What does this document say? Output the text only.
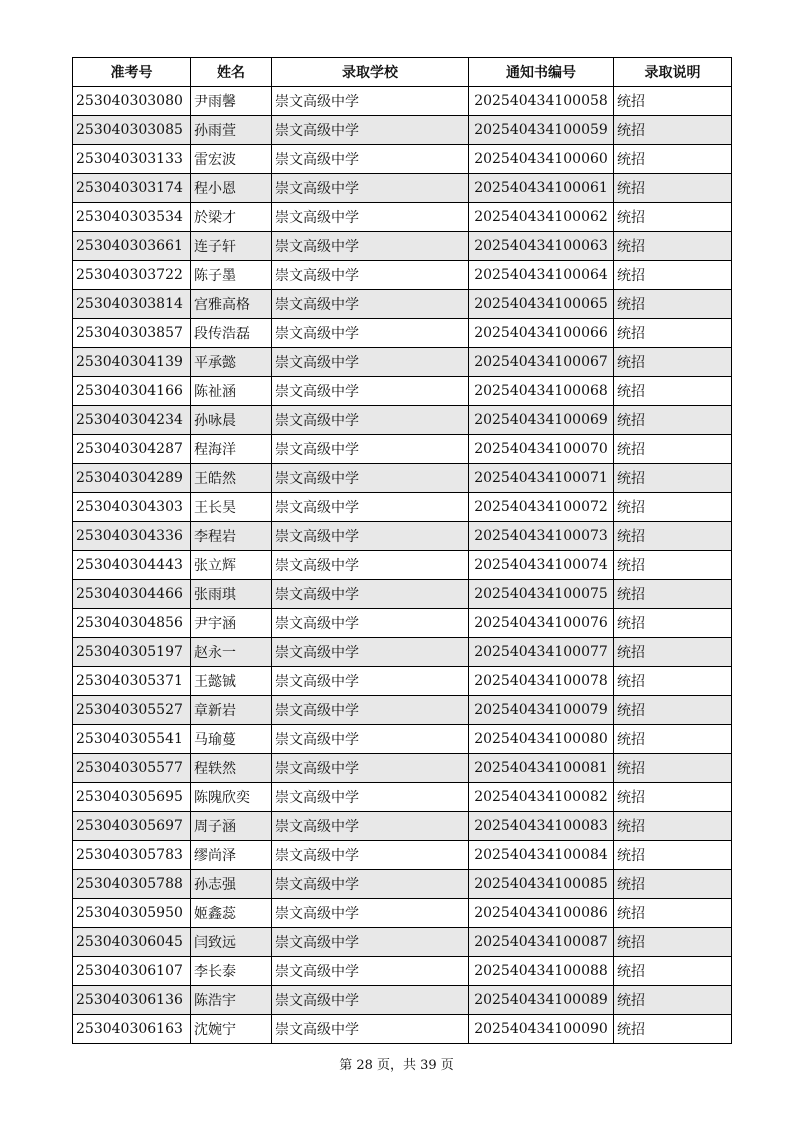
准考号	姓名	录取学校	通知书编号	录取说明
253040303080	尹雨馨	崇文高级中学	202540434100058	统招
253040303085	孙雨萱	崇文高级中学	202540434100059	统招
253040303133	雷宏波	崇文高级中学	202540434100060	统招
253040303174	程小恩	崇文高级中学	202540434100061	统招
253040303534	於梁才	崇文高级中学	202540434100062	统招
253040303661	连子轩	崇文高级中学	202540434100063	统招
253040303722	陈子墨	崇文高级中学	202540434100064	统招
253040303814	宫雅高格	崇文高级中学	202540434100065	统招
253040303857	段传浩磊	崇文高级中学	202540434100066	统招
253040304139	平承懿	崇文高级中学	202540434100067	统招
253040304166	陈祉涵	崇文高级中学	202540434100068	统招
253040304234	孙咏晨	崇文高级中学	202540434100069	统招
253040304287	程海洋	崇文高级中学	202540434100070	统招
253040304289	王皓然	崇文高级中学	202540434100071	统招
253040304303	王长昊	崇文高级中学	202540434100072	统招
253040304336	李程岩	崇文高级中学	202540434100073	统招
253040304443	张立辉	崇文高级中学	202540434100074	统招
253040304466	张雨琪	崇文高级中学	202540434100075	统招
253040304856	尹宇涵	崇文高级中学	202540434100076	统招
253040305197	赵永一	崇文高级中学	202540434100077	统招
253040305371	王懿铖	崇文高级中学	202540434100078	统招
253040305527	章新岩	崇文高级中学	202540434100079	统招
253040305541	马瑜蔓	崇文高级中学	202540434100080	统招
253040305577	程轶然	崇文高级中学	202540434100081	统招
253040305695	陈隗欣奕	崇文高级中学	202540434100082	统招
253040305697	周子涵	崇文高级中学	202540434100083	统招
253040305783	缪尚泽	崇文高级中学	202540434100084	统招
253040305788	孙志强	崇文高级中学	202540434100085	统招
253040305950	姬鑫蕊	崇文高级中学	202540434100086	统招
253040306045	闫致远	崇文高级中学	202540434100087	统招
253040306107	李长泰	崇文高级中学	202540434100088	统招
253040306136	陈浩宇	崇文高级中学	202540434100089	统招
253040306163	沈婉宁	崇文高级中学	202540434100090	统招
第 28 页，共 39 页
